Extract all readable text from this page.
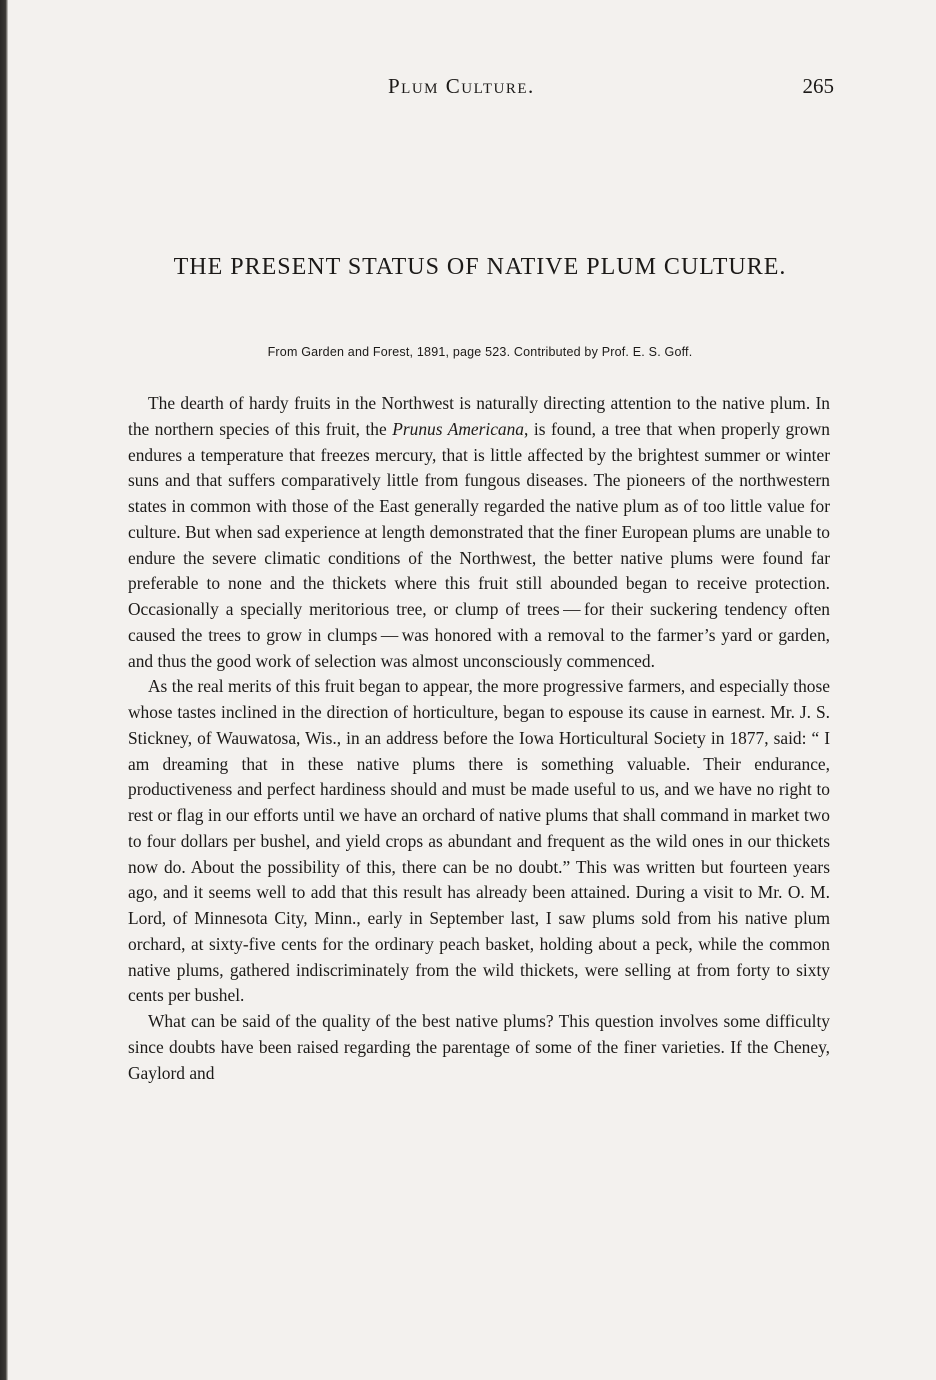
Plum Culture.	265
THE PRESENT STATUS OF NATIVE PLUM CULTURE.
From Garden and Forest, 1891, page 523. Contributed by Prof. E. S. Goff.

The dearth of hardy fruits in the Northwest is naturally directing attention to the native plum. In the northern species of this fruit, the Prunus Americana, is found, a tree that when properly grown endures a temperature that freezes mercury, that is little affected by the brightest summer or winter suns and that suffers comparatively little from fungous diseases. The pioneers of the northwestern states in common with those of the East generally regarded the native plum as of too little value for culture. But when sad experience at length demonstrated that the finer European plums are unable to endure the severe climatic conditions of the Northwest, the better native plums were found far preferable to none and the thickets where this fruit still abounded began to receive protection. Occasionally a specially meritorious tree, or clump of trees — for their suckering tendency often caused the trees to grow in clumps — was honored with a removal to the farmer’s yard or garden, and thus the good work of selection was almost unconsciously commenced.

As the real merits of this fruit began to appear, the more progressive farmers, and especially those whose tastes inclined in the direction of horticulture, began to espouse its cause in earnest. Mr. J. S. Stickney, of Wauwatosa, Wis., in an address before the Iowa Horticultural Society in 1877, said: “ I am dreaming that in these native plums there is something valuable. Their endurance, productiveness and perfect hardiness should and must be made useful to us, and we have no right to rest or flag in our efforts until we have an orchard of native plums that shall command in market two to four dollars per bushel, and yield crops as abundant and frequent as the wild ones in our thickets now do. About the possibility of this, there can be no doubt.” This was written but fourteen years ago, and it seems well to add that this result has already been attained. During a visit to Mr. O. M. Lord, of Minnesota City, Minn., early in September last, I saw plums sold from his native plum orchard, at sixty-five cents for the ordinary peach basket, holding about a peck, while the common native plums, gathered indiscriminately from the wild thickets, were selling at from forty to sixty cents per bushel.

What can be said of the quality of the best native plums? This question involves some difficulty since doubts have been raised regarding the parentage of some of the finer varieties. If the Cheney, Gaylord and
